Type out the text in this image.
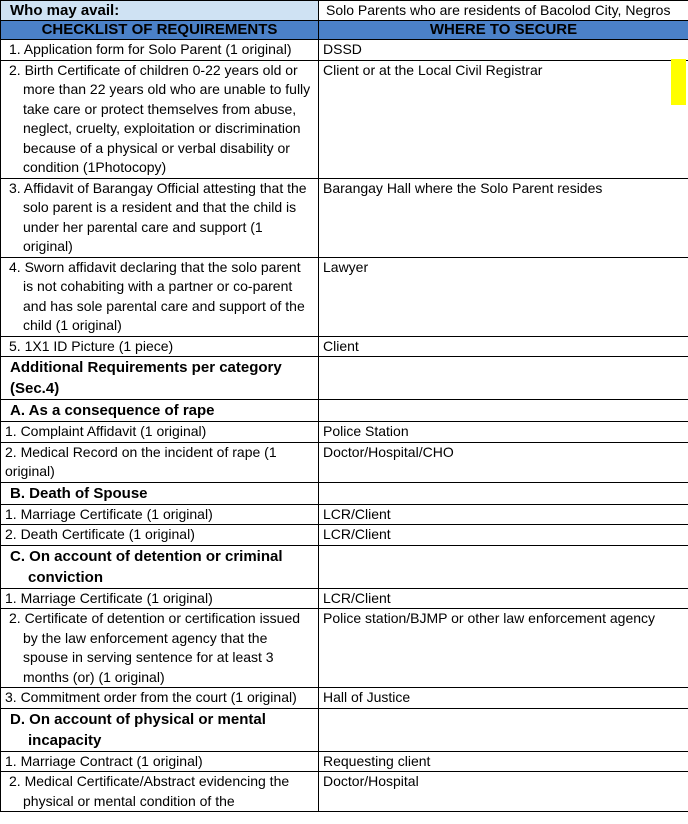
Who may avail:	Solo Parents who are residents of Bacolod City, Negros
CHECKLIST OF REQUIREMENTS	WHERE TO SECURE
1. Application form for Solo Parent (1 original)	DSSD
2. Birth Certificate of children 0-22 years old or more than 22 years old who are unable to fully take care or protect themselves from abuse, neglect, cruelty, exploitation or discrimination because of a physical or verbal disability or condition (1Photocopy)	Client or at the Local Civil Registrar
3. Affidavit of Barangay Official attesting that the solo parent is a resident and that the child is under her parental care and support (1 original)	Barangay Hall where the Solo Parent resides
4. Sworn affidavit declaring that the solo parent is not cohabiting with a partner or co-parent and has sole parental care and support of the child (1 original)	Lawyer
5. 1X1 ID Picture (1 piece)	Client
Additional Requirements per category (Sec.4)	
A. As a consequence of rape	
1. Complaint Affidavit (1 original)	Police Station
2. Medical Record on the incident of rape (1 original)	Doctor/Hospital/CHO
B. Death of Spouse	
1. Marriage Certificate (1 original)	LCR/Client
2. Death Certificate (1 original)	LCR/Client
C. On account of detention or criminal conviction	
1. Marriage Certificate (1 original)	LCR/Client
2. Certificate of detention or certification issued by the law enforcement agency that the spouse in serving sentence for at least 3 months (or) (1 original)	Police station/BJMP or other law enforcement agency
3. Commitment order from the court (1 original)	Hall of Justice
D. On account of physical or mental incapacity	
1. Marriage Contract (1 original)	Requesting client
2. Medical Certificate/Abstract evidencing the physical or mental condition of the	Doctor/Hospital
